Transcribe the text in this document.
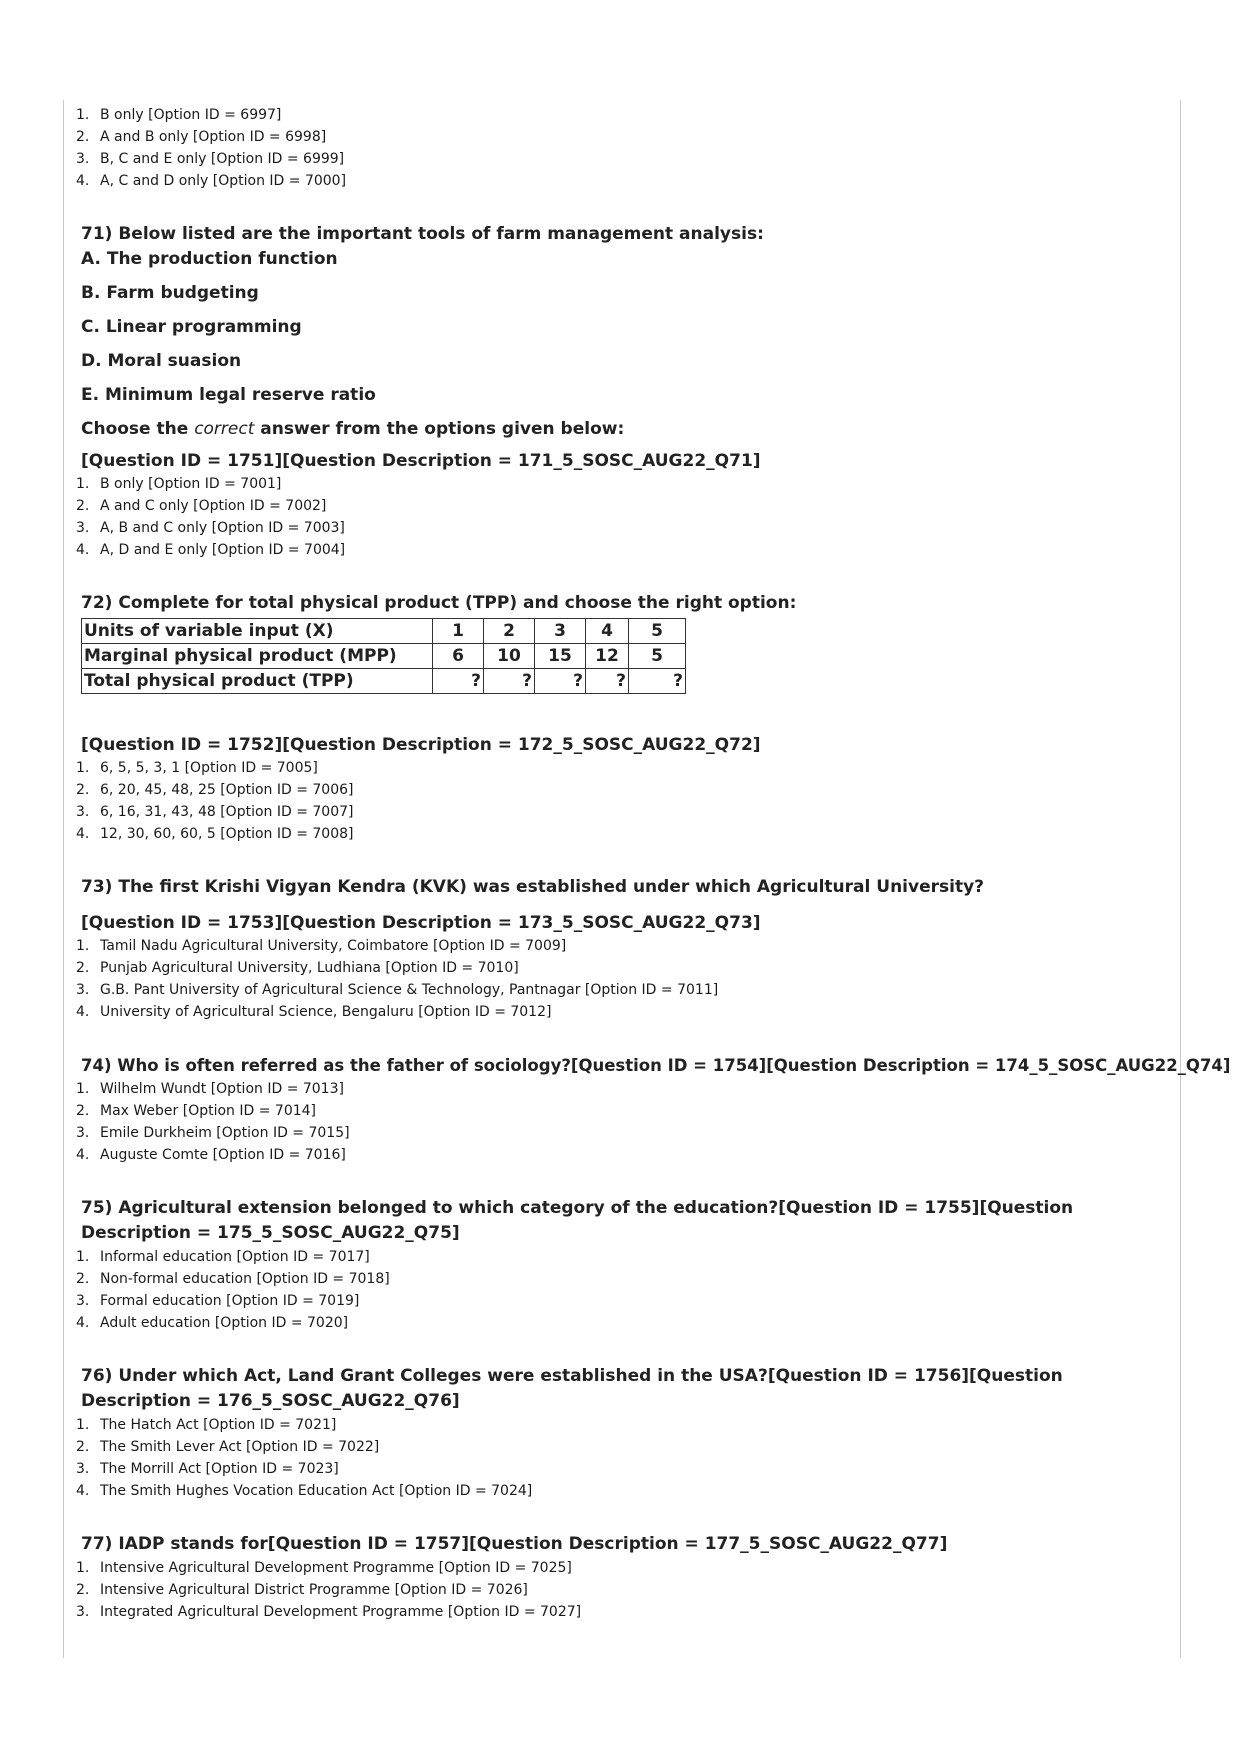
1. B only [Option ID = 6997]
2. A and B only [Option ID = 6998]
3. B, C and E only [Option ID = 6999]
4. A, C and D only [Option ID = 7000]
71) Below listed are the important tools of farm management analysis:
A. The production function
B. Farm budgeting
C. Linear programming
D. Moral suasion
E. Minimum legal reserve ratio
Choose the correct answer from the options given below:
[Question ID = 1751][Question Description = 171_5_SOSC_AUG22_Q71]
1. B only [Option ID = 7001]
2. A and C only [Option ID = 7002]
3. A, B and C only [Option ID = 7003]
4. A, D and E only [Option ID = 7004]
72) Complete for total physical product (TPP) and choose the right option:
Units of variable input (X)	1	2	3	4	5
Marginal physical product (MPP)	6	10	15	12	5
Total physical product (TPP)	?	?	?	?	?
[Question ID = 1752][Question Description = 172_5_SOSC_AUG22_Q72]
1. 6, 5, 5, 3, 1 [Option ID = 7005]
2. 6, 20, 45, 48, 25 [Option ID = 7006]
3. 6, 16, 31, 43, 48 [Option ID = 7007]
4. 12, 30, 60, 60, 5 [Option ID = 7008]
73) The first Krishi Vigyan Kendra (KVK) was established under which Agricultural University?
[Question ID = 1753][Question Description = 173_5_SOSC_AUG22_Q73]
1. Tamil Nadu Agricultural University, Coimbatore [Option ID = 7009]
2. Punjab Agricultural University, Ludhiana [Option ID = 7010]
3. G.B. Pant University of Agricultural Science & Technology, Pantnagar [Option ID = 7011]
4. University of Agricultural Science, Bengaluru [Option ID = 7012]
74) Who is often referred as the father of sociology?[Question ID = 1754][Question Description = 174_5_SOSC_AUG22_Q74]
1. Wilhelm Wundt [Option ID = 7013]
2. Max Weber [Option ID = 7014]
3. Emile Durkheim [Option ID = 7015]
4. Auguste Comte [Option ID = 7016]
75) Agricultural extension belonged to which category of the education?[Question ID = 1755][Question Description = 175_5_SOSC_AUG22_Q75]
1. Informal education [Option ID = 7017]
2. Non-formal education [Option ID = 7018]
3. Formal education [Option ID = 7019]
4. Adult education [Option ID = 7020]
76) Under which Act, Land Grant Colleges were established in the USA?[Question ID = 1756][Question Description = 176_5_SOSC_AUG22_Q76]
1. The Hatch Act [Option ID = 7021]
2. The Smith Lever Act [Option ID = 7022]
3. The Morrill Act [Option ID = 7023]
4. The Smith Hughes Vocation Education Act [Option ID = 7024]
77) IADP stands for[Question ID = 1757][Question Description = 177_5_SOSC_AUG22_Q77]
1. Intensive Agricultural Development Programme [Option ID = 7025]
2. Intensive Agricultural District Programme [Option ID = 7026]
3. Integrated Agricultural Development Programme [Option ID = 7027]
